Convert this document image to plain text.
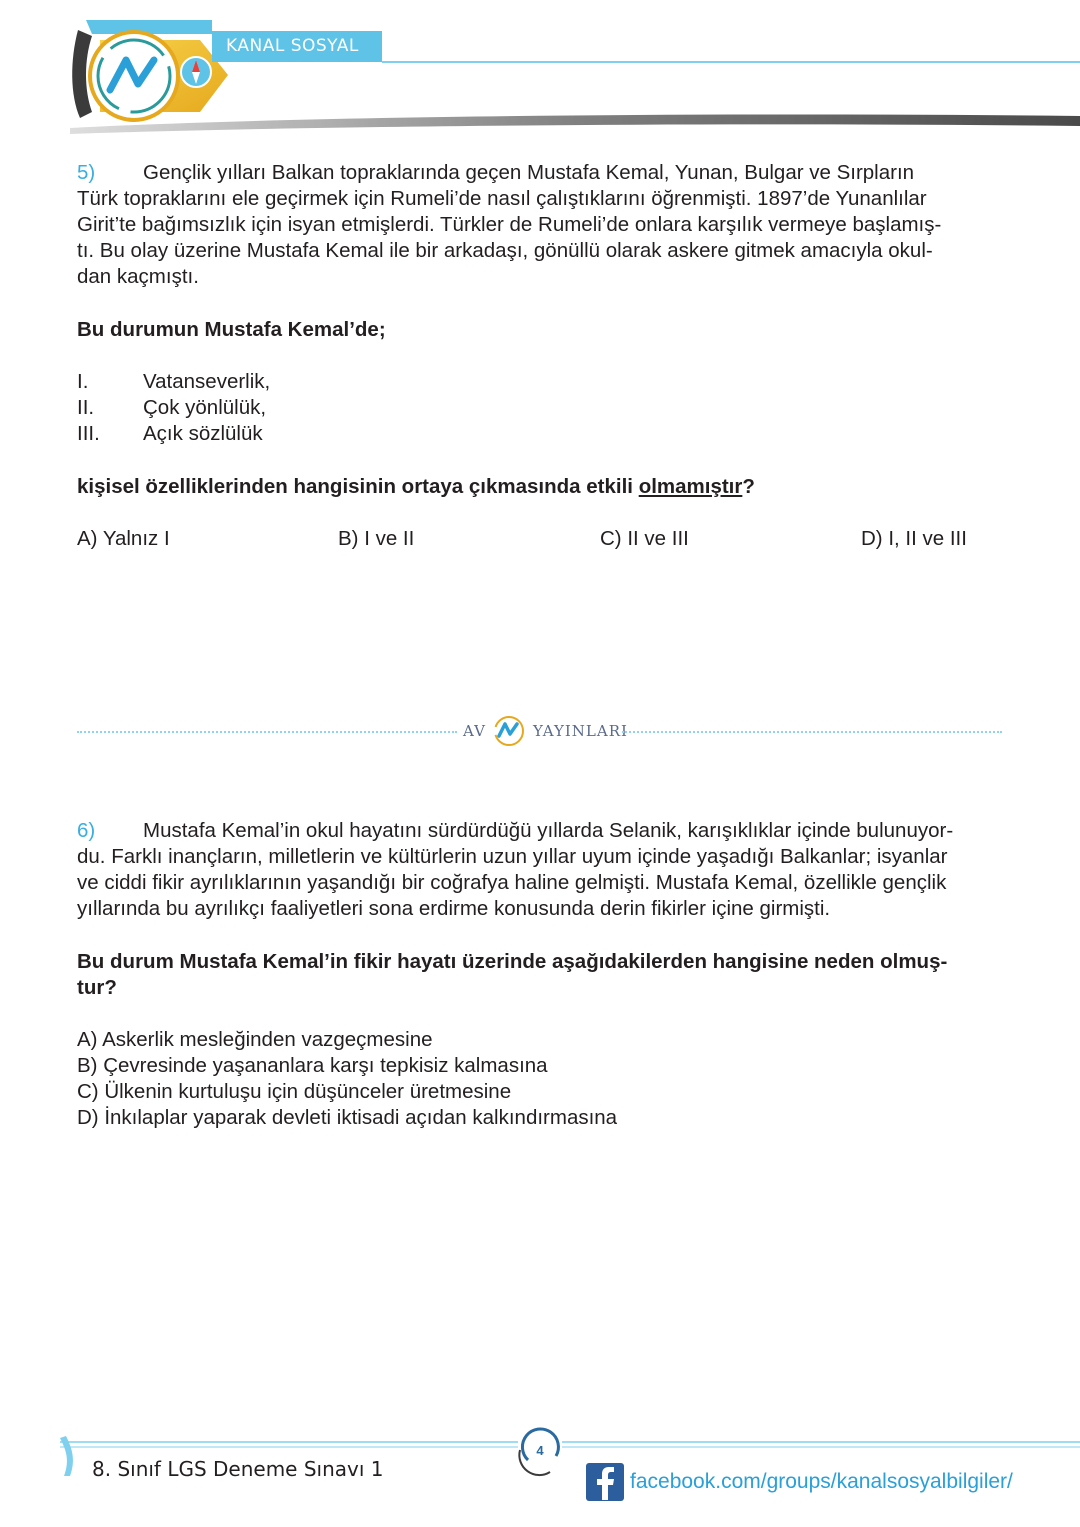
KANAL SOSYAL
5) Gençlik yılları Balkan topraklarında geçen Mustafa Kemal, Yunan, Bulgar ve Sırpların
Türk topraklarını ele geçirmek için Rumeli’de nasıl çalıştıklarını öğrenmişti. 1897’de Yunanlılar
Girit’te bağımsızlık için isyan etmişlerdi. Türkler de Rumeli’de onlara karşılık vermeye başlamış-
tı. Bu olay üzerine Mustafa Kemal ile bir arkadaşı, gönüllü olarak askere gitmek amacıyla okul-
dan kaçmıştı.
Bu durumun Mustafa Kemal’de;
I.	Vatanseverlik,
II. Çok yönlülük,
III. Açık sözlülük
kişisel özelliklerinden hangisinin ortaya çıkmasında etkili olmamıştır?
A) Yalnız I	B) I ve II	C) II ve III	D) I, II ve III
AV	YAYINLARI
6) Mustafa Kemal’in okul hayatını sürdürdüğü yıllarda Selanik, karışıklıklar içinde bulunuyor-
du. Farklı inançların, milletlerin ve kültürlerin uzun yıllar uyum içinde yaşadığı Balkanlar; isyanlar
ve ciddi fikir ayrılıklarının yaşandığı bir coğrafya haline gelmişti. Mustafa Kemal, özellikle gençlik
yıllarında bu ayrılıkçı faaliyetleri sona erdirme konusunda derin fikirler içine girmişti.
Bu durum Mustafa Kemal’in fikir hayatı üzerinde aşağıdakilerden hangisine neden olmuş-
tur?
A) Askerlik mesleğinden vazgeçmesine
B) Çevresinde yaşananlara karşı tepkisiz kalmasına
C) Ülkenin kurtuluşu için düşünceler üretmesine
D) İnkılaplar yaparak devleti iktisadi açıdan kalkındırmasına
4
8. Sınıf LGS Deneme Sınavı 1
facebook.com/groups/kanalsosyalbilgiler/
